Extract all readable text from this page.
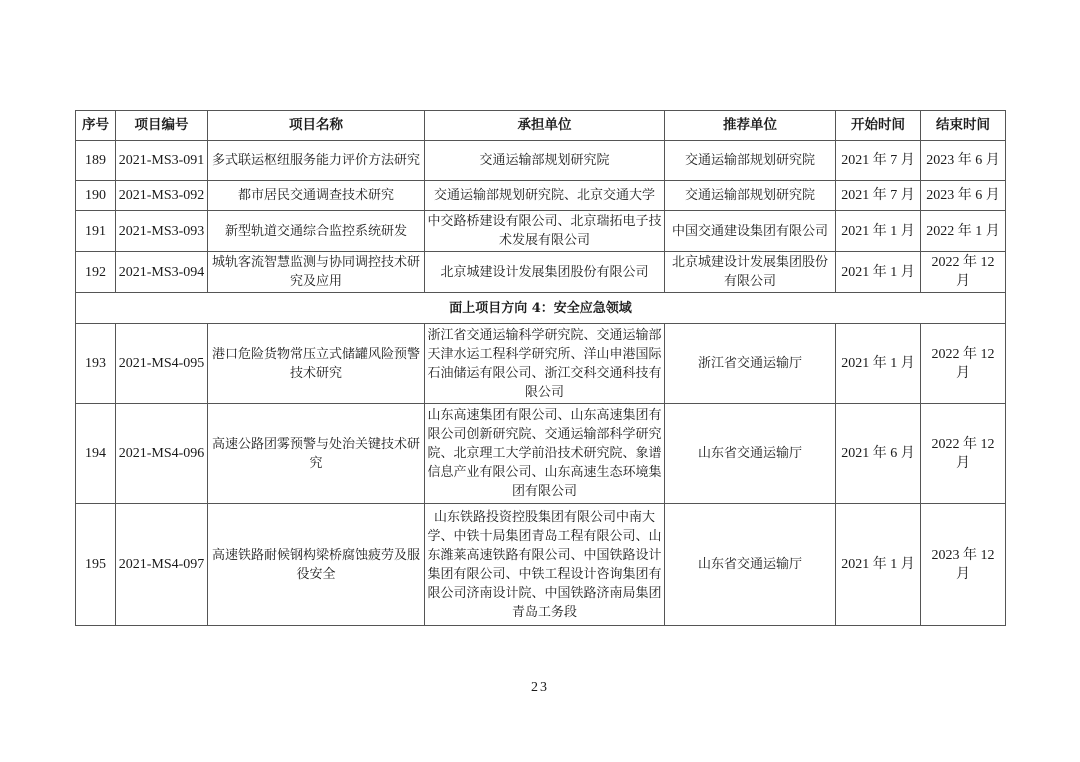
序号	项目编号	项目名称	承担单位	推荐单位	开始时间	结束时间
189	2021-MS3-091	多式联运枢纽服务能力评价方法研究	交通运输部规划研究院	交通运输部规划研究院	2021 年 7 月	2023 年 6 月
190	2021-MS3-092	都市居民交通调查技术研究	交通运输部规划研究院、北京交通大学	交通运输部规划研究院	2021 年 7 月	2023 年 6 月
191	2021-MS3-093	新型轨道交通综合监控系统研发	中交路桥建设有限公司、北京瑞拓电子技术发展有限公司	中国交通建设集团有限公司	2021 年 1 月	2022 年 1 月
192	2021-MS3-094	城轨客流智慧监测与协同调控技术研究及应用	北京城建设计发展集团股份有限公司	北京城建设计发展集团股份有限公司	2021 年 1 月	2022 年 12 月
面上项目方向 4：安全应急领域						
193	2021-MS4-095	港口危险货物常压立式储罐风险预警技术研究	浙江省交通运输科学研究院、交通运输部天津水运工程科学研究所、洋山申港国际石油储运有限公司、浙江交科交通科技有限公司	浙江省交通运输厅	2021 年 1 月	2022 年 12 月
194	2021-MS4-096	高速公路团雾预警与处治关键技术研究	山东高速集团有限公司、山东高速集团有限公司创新研究院、交通运输部科学研究院、北京理工大学前沿技术研究院、象谱信息产业有限公司、山东高速生态环境集团有限公司	山东省交通运输厅	2021 年 6 月	2022 年 12 月
195	2021-MS4-097	高速铁路耐候钢构梁桥腐蚀疲劳及服役安全	山东铁路投资控股集团有限公司中南大学、中铁十局集团青岛工程有限公司、山东潍莱高速铁路有限公司、中国铁路设计集团有限公司、中铁工程设计咨询集团有限公司济南设计院、中国铁路济南局集团青岛工务段	山东省交通运输厅	2021 年 1 月	2023 年 12 月
23
